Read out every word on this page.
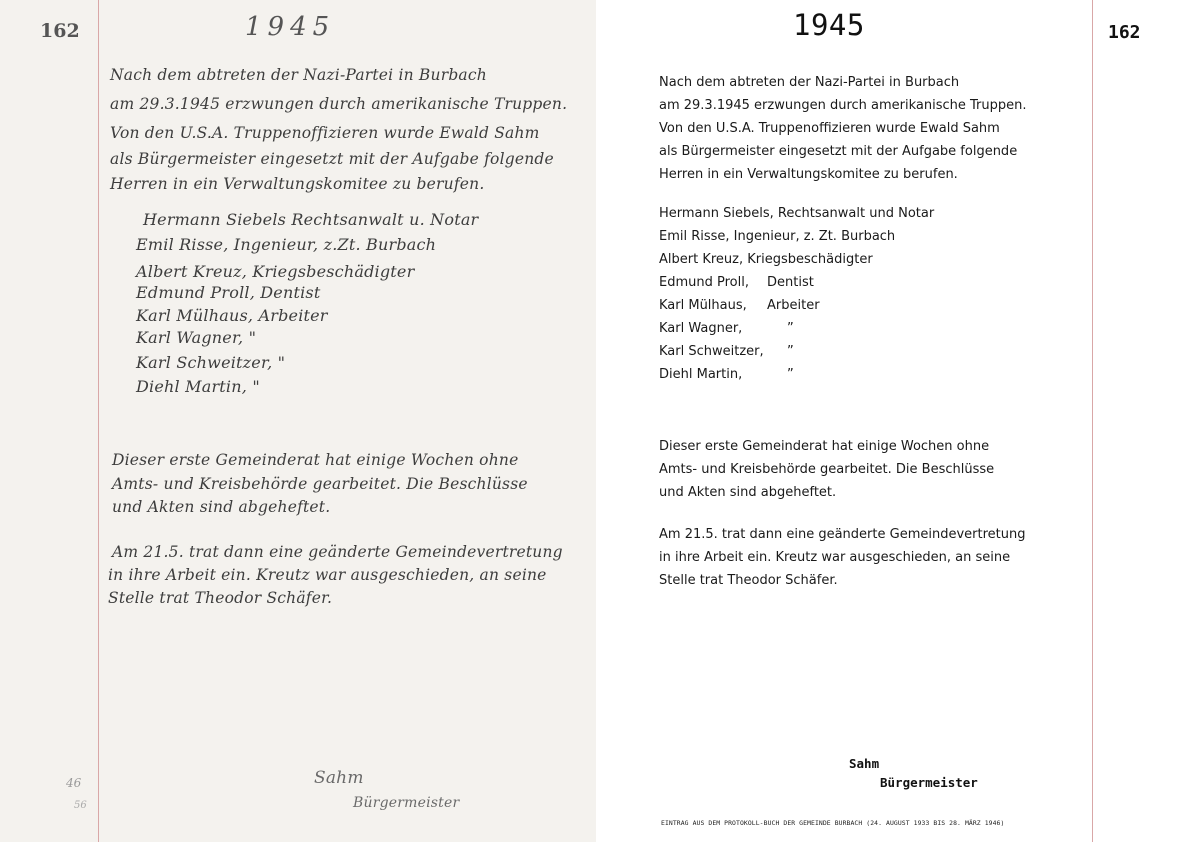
162	1945
Nach dem abtreten der Nazi-Partei in Burbach
am 29.3.1945 erzwungen durch amerikanische Truppen.
Von den U.S.A. Truppenoffizieren wurde Ewald Sahm
als Bürgermeister eingesetzt mit der Aufgabe folgende
Herren in ein Verwaltungskomitee zu berufen.
Hermann Siebels Rechtsanwalt u. Notar
Emil Risse, Ingenieur, z.Zt. Burbach
Albert Kreuz, Kriegsbeschädigter
Edmund Proll, Dentist
Karl Mülhaus, Arbeiter
Karl Wagner, "
Karl Schweitzer, "
Diehl Martin, "
Dieser erste Gemeinderat hat einige Wochen ohne
Amts- und Kreisbehörde gearbeitet. Die Beschlüsse
und Akten sind abgeheftet.
Am 21.5. trat dann eine geänderte Gemeindevertretung
in ihre Arbeit ein. Kreutz war ausgeschieden, an seine
Stelle trat Theodor Schäfer.
46
56
Sahm
Bürgermeister
162
1945
Nach dem abtreten der Nazi-Partei in Burbach
am 29.3.1945 erzwungen durch amerikanische Truppen.
Von den U.S.A. Truppenoffizieren wurde Ewald Sahm
als Bürgermeister eingesetzt mit der Aufgabe folgende
Herren in ein Verwaltungskomitee zu berufen.
Hermann Siebels, Rechtsanwalt und Notar
Emil Risse, Ingenieur, z. Zt. Burbach
Albert Kreuz, Kriegsbeschädigter
Edmund Proll, Dentist
Karl Mülhaus, Arbeiter
Karl Wagner,	”
Karl Schweitzer, ”
Diehl Martin,	”
Dieser erste Gemeinderat hat einige Wochen ohne
Amts- und Kreisbehörde gearbeitet. Die Beschlüsse
und Akten sind abgeheftet.
Am 21.5. trat dann eine geänderte Gemeindevertretung
in ihre Arbeit ein. Kreutz war ausgeschieden, an seine
Stelle trat Theodor Schäfer.
Sahm
Bürgermeister
EINTRAG AUS DEM PROTOKOLL-BUCH DER GEMEINDE BURBACH (24. AUGUST 1933 BIS 28. MÄRZ 1946)
